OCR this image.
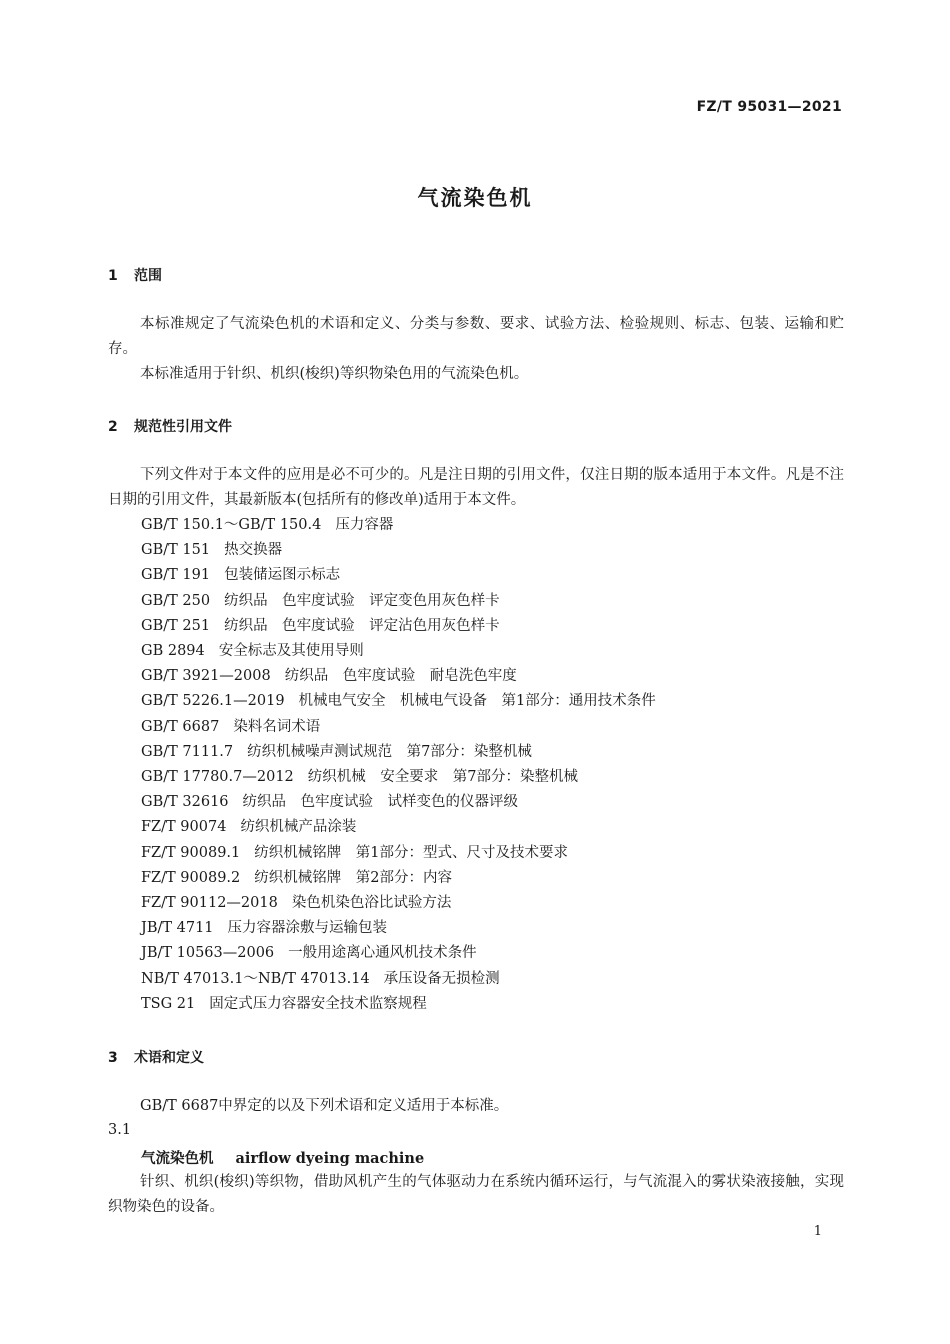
FZ/T 95031—2021
气流染色机
1 范围

本标准规定了气流染色机的术语和定义、分类与参数、要求、试验方法、检验规则、标志、包装、运输和贮存。

本标准适用于针织、机织(梭织)等织物染色用的气流染色机。

2 规范性引用文件

下列文件对于本文件的应用是必不可少的。凡是注日期的引用文件，仅注日期的版本适用于本文件。凡是不注日期的引用文件，其最新版本(包括所有的修改单)适用于本文件。

GB/T 150.1～GB/T 150.4 压力容器
GB/T 151 热交换器
GB/T 191 包装储运图示标志
GB/T 250 纺织品　色牢度试验　评定变色用灰色样卡
GB/T 251 纺织品　色牢度试验　评定沾色用灰色样卡
GB 2894 安全标志及其使用导则
GB/T 3921—2008 纺织品　色牢度试验　耐皂洗色牢度
GB/T 5226.1—2019 机械电气安全　机械电气设备　第1部分：通用技术条件
GB/T 6687 染料名词术语
GB/T 7111.7 纺织机械噪声测试规范　第7部分：染整机械
GB/T 17780.7—2012 纺织机械　安全要求　第7部分：染整机械
GB/T 32616 纺织品　色牢度试验　试样变色的仪器评级
FZ/T 90074 纺织机械产品涂装
FZ/T 90089.1 纺织机械铭牌　第1部分：型式、尺寸及技术要求
FZ/T 90089.2 纺织机械铭牌　第2部分：内容
FZ/T 90112—2018 染色机染色浴比试验方法
JB/T 4711 压力容器涂敷与运输包装
JB/T 10563—2006 一般用途离心通风机技术条件
NB/T 47013.1～NB/T 47013.14 承压设备无损检测
TSG 21 固定式压力容器安全技术监察规程
3 术语和定义

GB/T 6687中界定的以及下列术语和定义适用于本标准。

3.1
气流染色机 airflow dyeing machine

针织、机织(梭织)等织物，借助风机产生的气体驱动力在系统内循环运行，与气流混入的雾状染液接触，实现织物染色的设备。

1
